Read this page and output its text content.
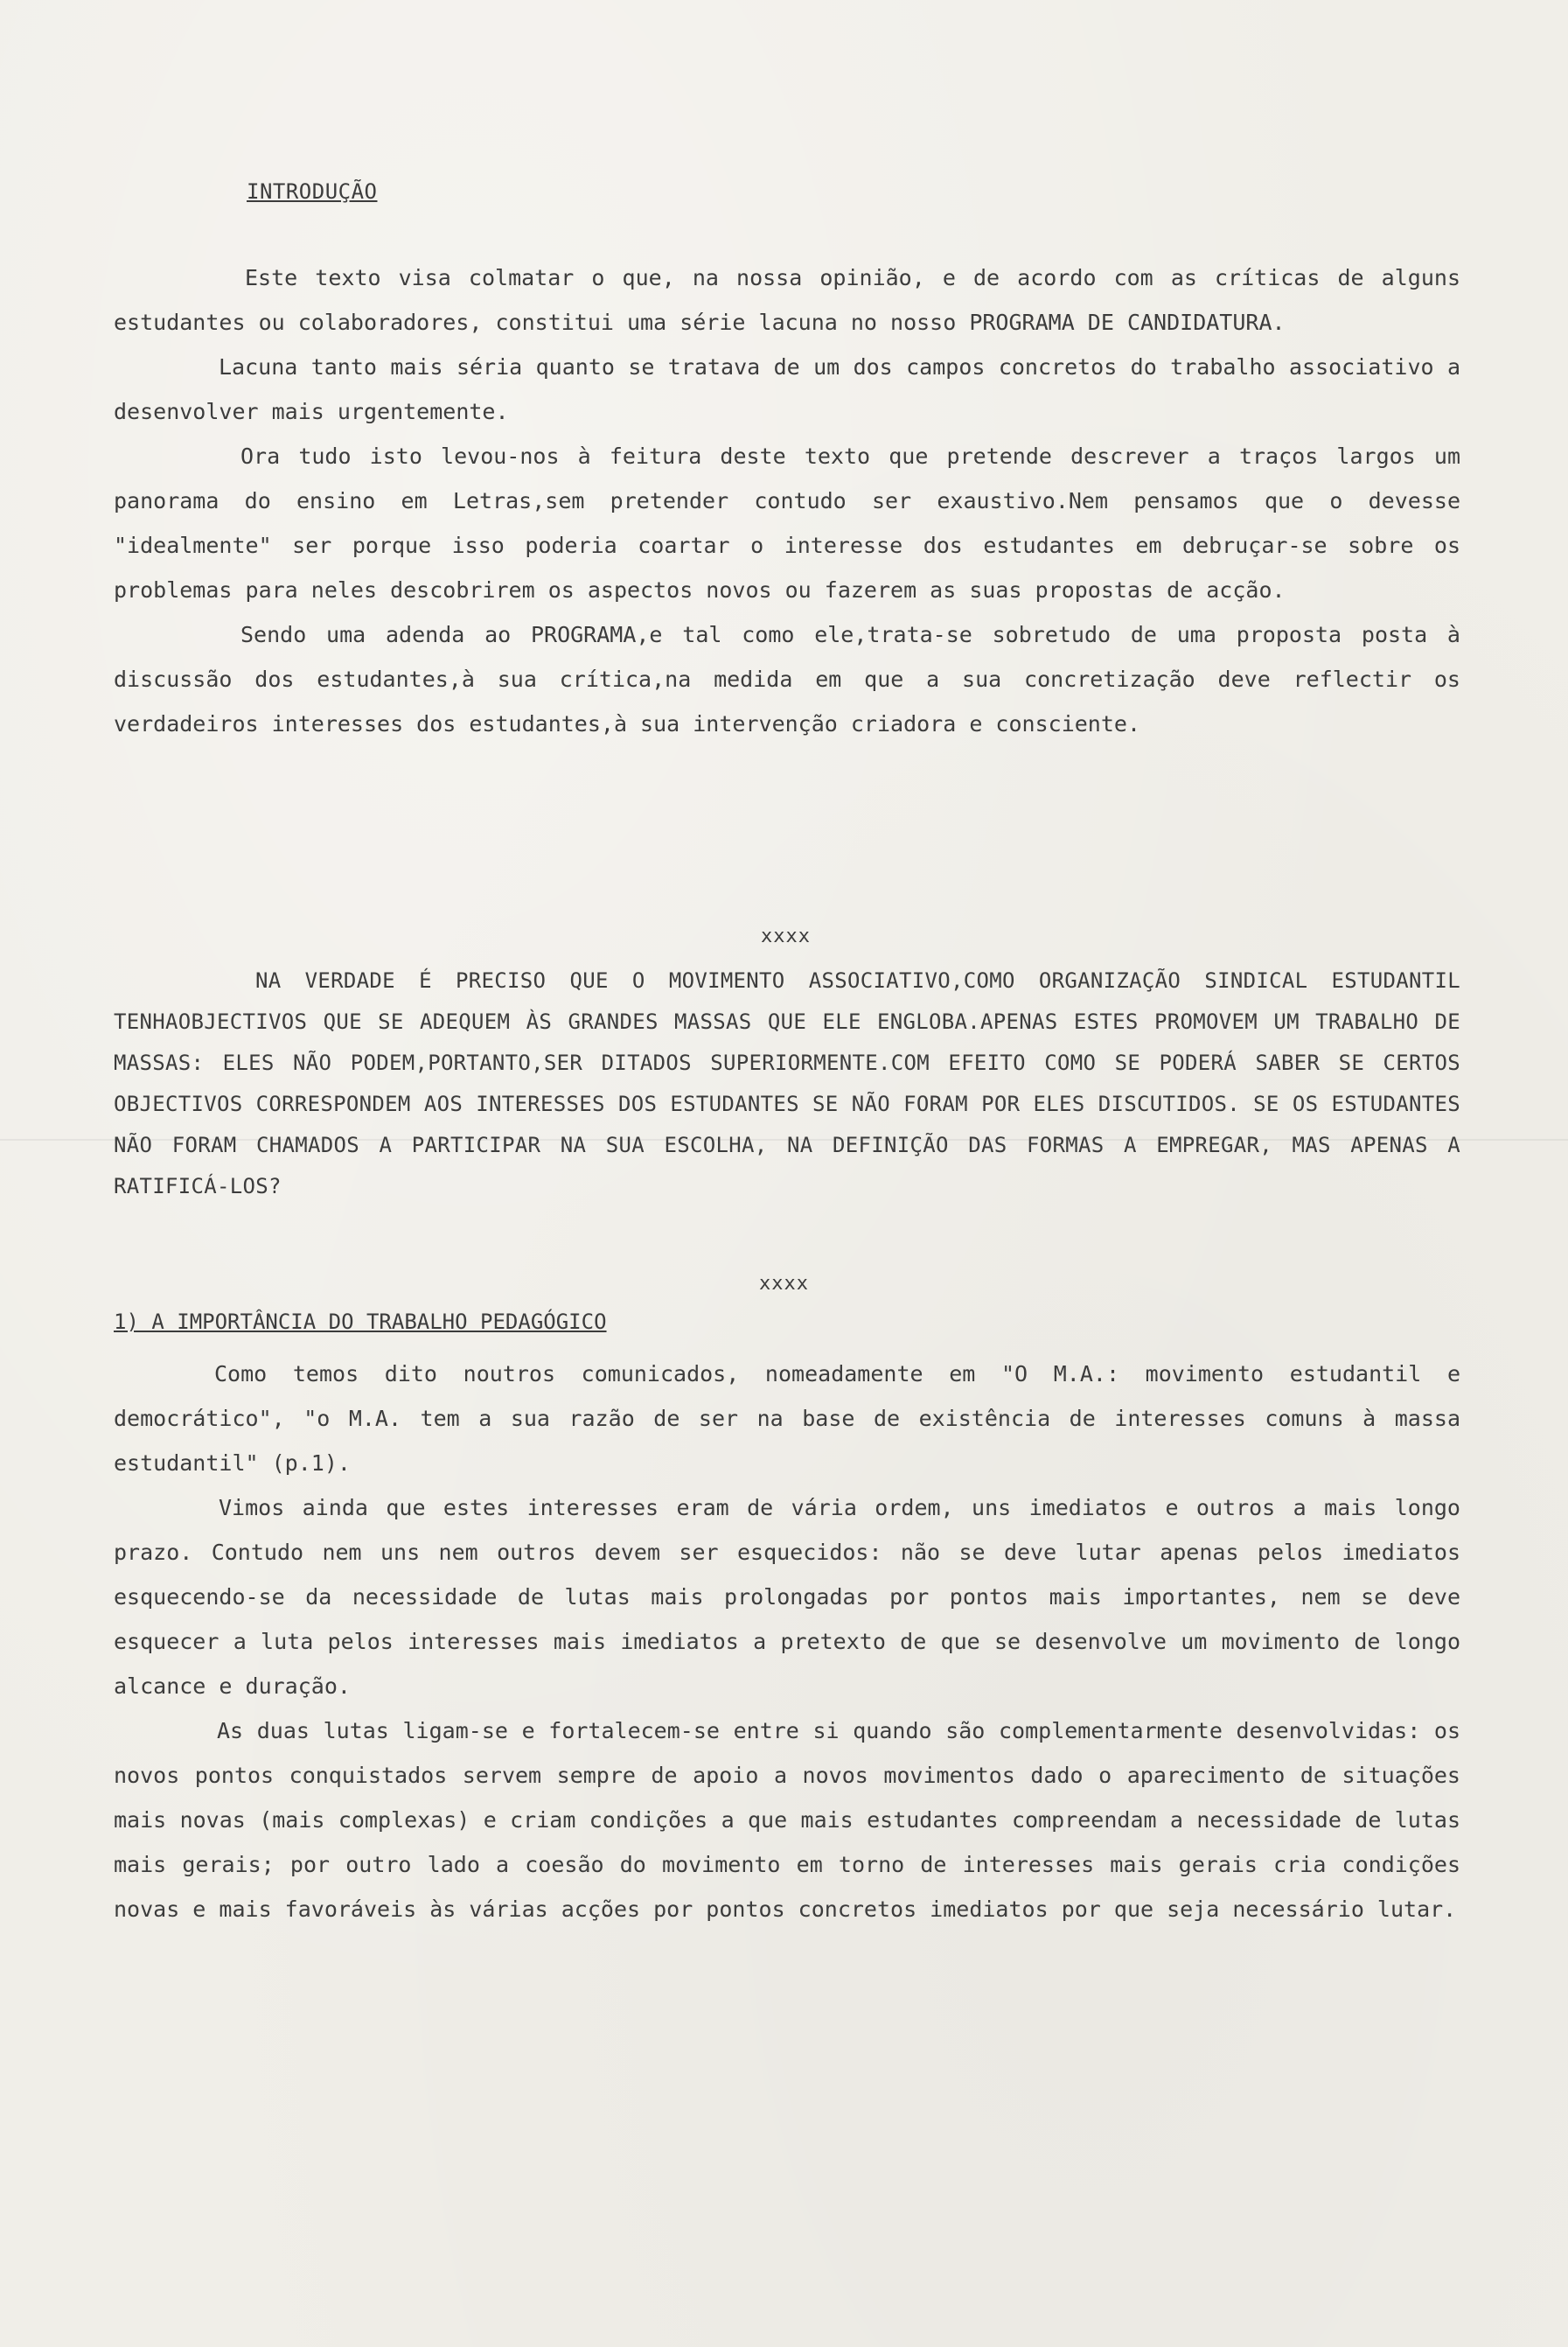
INTRODUÇÃO

Este texto visa colmatar o que, na nossa opinião, e de acordo com as críticas de alguns estudantes ou colaboradores, constitui uma série lacuna no nosso PROGRAMA DE CANDIDATURA.

Lacuna tanto mais séria quanto se tratava de um dos campos concretos do trabalho associativo a desenvolver mais urgentemente.

Ora tudo isto levou-nos à feitura deste texto que pretende descrever a traços largos um panorama do ensino em Letras,sem pretender contudo ser exaustivo.Nem pensamos que o devesse "idealmente" ser porque isso poderia coartar o interesse dos estudantes em debruçar-se sobre os problemas para neles descobrirem os aspectos novos ou fazerem as suas propostas de acção.

Sendo uma adenda ao PROGRAMA,e tal como ele,trata-se sobretudo de uma proposta posta à discussão dos estudantes,à sua crítica,na medida em que a sua concretização deve reflectir os verdadeiros interesses dos estudantes,à sua intervenção criadora e consciente.

xxxx

NA VERDADE É PRECISO QUE O MOVIMENTO ASSOCIATIVO,COMO ORGANIZAÇÃO SINDICAL ESTUDANTIL TENHAOBJECTIVOS QUE SE ADEQUEM ÀS GRANDES MASSAS QUE ELE ENGLOBA.APENAS ESTES PROMOVEM UM TRABALHO DE MASSAS: ELES NÃO PODEM,PORTANTO,SER DITADOS SUPERIORMENTE.COM EFEITO COMO SE PODERÁ SABER SE CERTOS OBJECTIVOS CORRESPONDEM AOS INTERESSES DOS ESTUDANTES SE NÃO FORAM POR ELES DISCUTIDOS. SE OS ESTUDANTES NÃO FORAM CHAMADOS A PARTICIPAR NA SUA ESCOLHA, NA DEFINIÇÃO DAS FORMAS A EMPREGAR, MAS APENAS A RATIFICÁ-LOS?

xxxx
1) A IMPORTÂNCIA DO TRABALHO PEDAGÓGICO

Como temos dito noutros comunicados, nomeadamente em "O M.A.: movimento estudantil e democrático", "o M.A. tem a sua razão de ser na base de existência de interesses comuns à massa estudantil" (p.1).

Vimos ainda que estes interesses eram de vária ordem, uns imediatos e outros a mais longo prazo. Contudo nem uns nem outros devem ser esquecidos: não se deve lutar apenas pelos imediatos esquecendo-se da necessidade de lutas mais prolongadas por pontos mais importantes, nem se deve esquecer a luta pelos interesses mais imediatos a pretexto de que se desenvolve um movimento de longo alcance e duração.

As duas lutas ligam-se e fortalecem-se entre si quando são complementarmente desenvolvidas: os novos pontos conquistados servem sempre de apoio a novos movimentos dado o aparecimento de situações mais novas (mais complexas) e criam condições a que mais estudantes compreendam a necessidade de lutas mais gerais; por outro lado a coesão do movimento em torno de interesses mais gerais cria condições novas e mais favoráveis às várias acções por pontos concretos imediatos por que seja necessário lutar.
